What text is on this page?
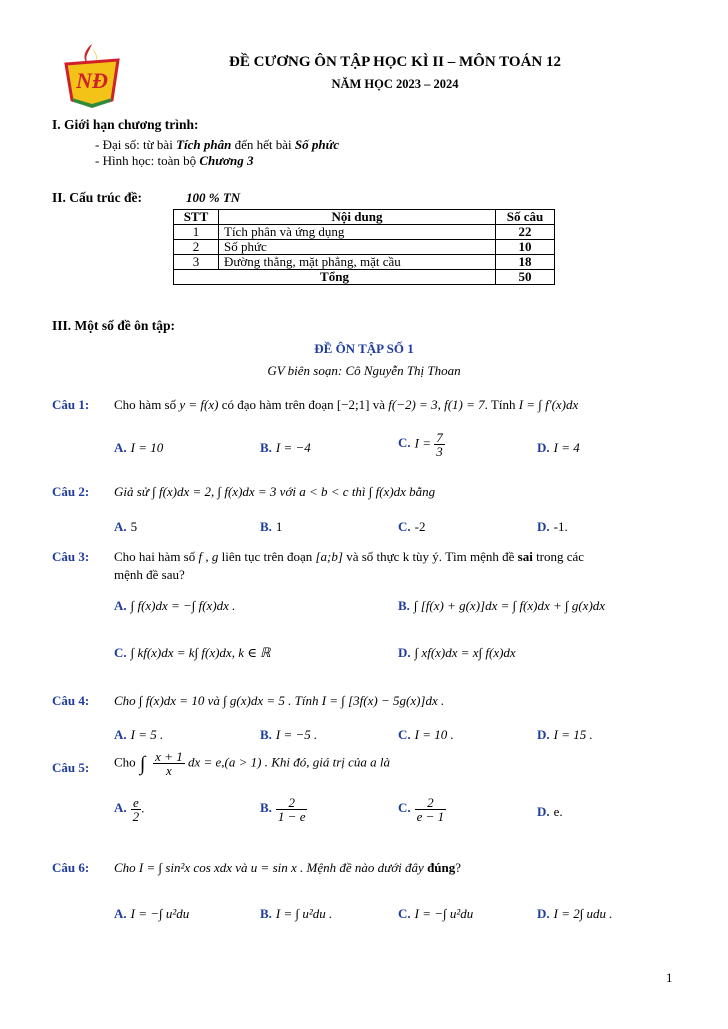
NĐ
ĐỀ CƯƠNG ÔN TẬP HỌC KÌ II – MÔN TOÁN 12
NĂM HỌC 2023 – 2024
I. Giới hạn chương trình:
- Đại số: từ bài Tích phân đến hết bài Số phức
- Hình học: toàn bộ Chương 3
II. Cấu trúc đề:	100 % TN
STT	Nội dung	Số câu
1	Tích phân và ứng dụng	22
2	Số phức	10
3	Đường thẳng, mặt phẳng, mặt cầu	18
Tổng		50
III. Một số đề ôn tập:
ĐỀ ÔN TẬP SỐ 1
GV biên soạn: Cô Nguyễn Thị Thoan
Câu 1: Cho hàm số y = f(x) có đạo hàm trên đoạn [−2;1] và f(−2) = 3, f(1) = 7. Tính I = ∫ f′(x)dx
A. I = 10	B. I = −4	C. $I = \frac{7}{3}$	D. I = 4
Câu 2: Giả sử ∫ f(x)dx = 2, ∫ f(x)dx = 3 với a < b < c thì ∫ f(x)dx bằng
A. 5	B. 1	C. -2	D. -1.
Câu 3: Cho hai hàm số f , g liên tục trên đoạn [a;b] và số thực k tùy ý. Tìm mệnh đề sai trong các
mệnh đề sau?
A. ∫ f(x)dx = −∫ f(x)dx .	B. ∫ [f(x) + g(x)]dx = ∫ f(x)dx + ∫ g(x)dx
C. ∫ kf(x)dx = k∫ f(x)dx, k ∈ ℝ	D. ∫ xf(x)dx = x∫ f(x)dx
Câu 4: Cho ∫ f(x)dx = 10 và ∫ g(x)dx = 5 . Tính I = ∫ [3f(x) − 5g(x)]dx .
A. I = 5 .	B. I = −5 .	C. I = 10 .	D. I = 15 .
Câu 5: Cho ∫ $\frac{x + 1}{x}$ dx = e,(a > 1) . Khi đó, giá trị của a là
A. $\frac{e}{2}$ .	B. $\frac{2}{1 - e}$	C. $\frac{2}{e - 1}$	D. e.
Câu 6: Cho I = ∫ sin²x cos xdx và u = sin x . Mệnh đề nào dưới đây đúng?
A. I = −∫ u²du	B. I = ∫ u²du .	C. I = −∫ u²du	D. I = 2∫ udu .
1
